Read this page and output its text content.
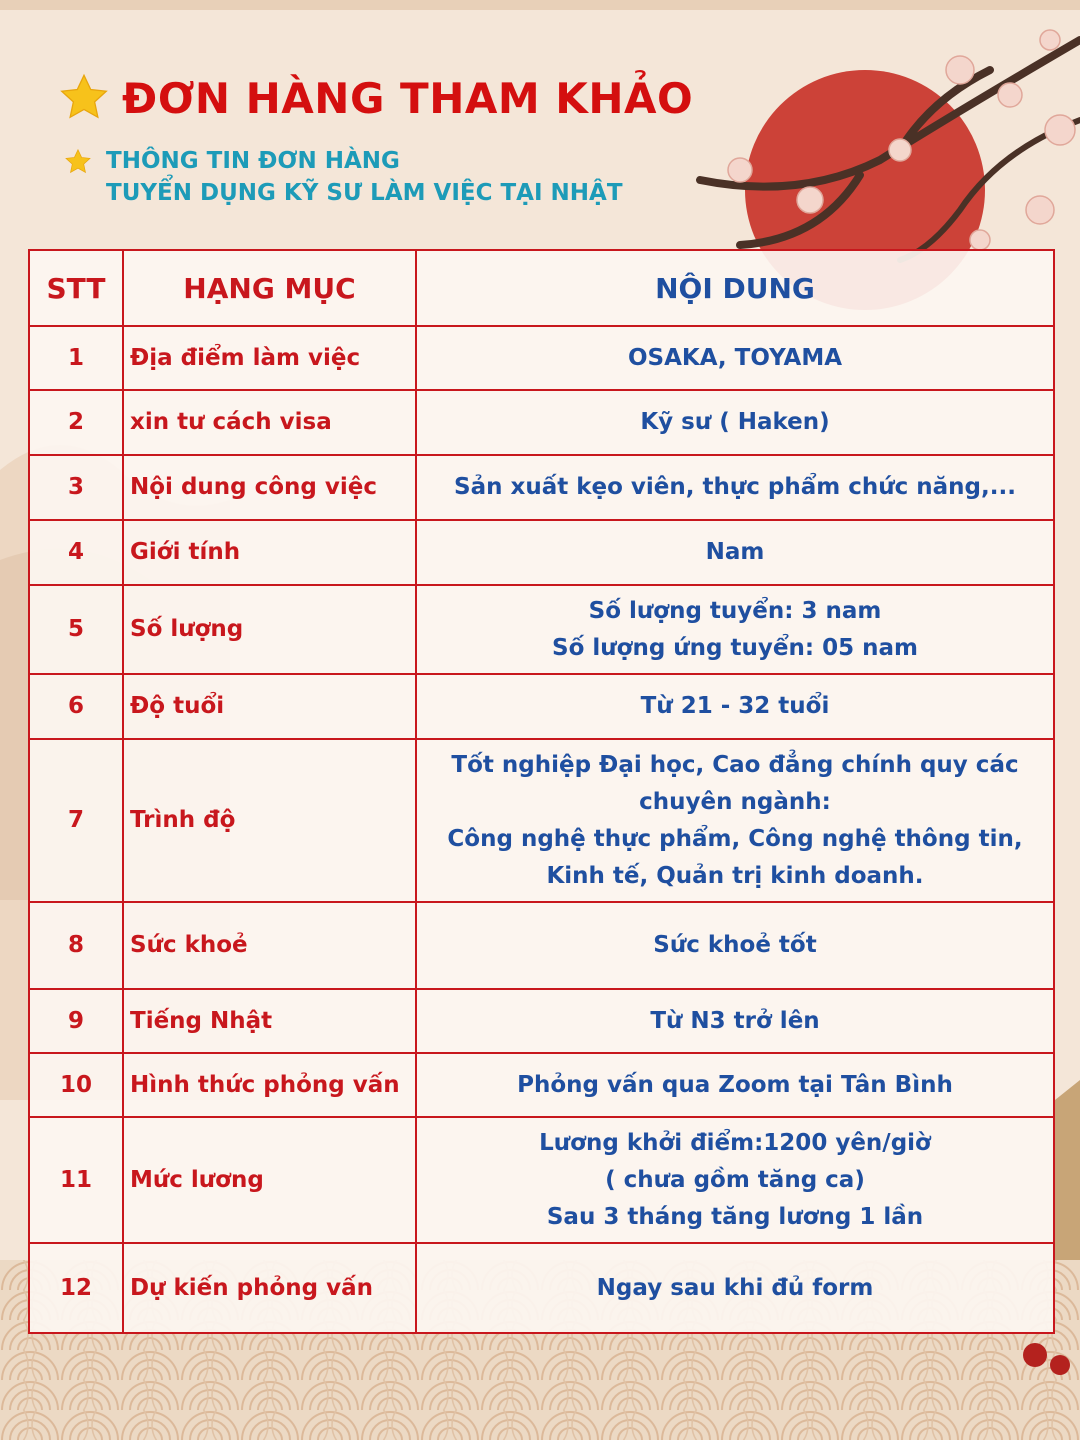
ĐƠN HÀNG THAM KHẢO
THÔNG TIN ĐƠN HÀNG
TUYỂN DỤNG KỸ SƯ LÀM VIỆC TẠI NHẬT
STT	HẠNG MỤC	NỘI DUNG
1	Địa điểm làm việc	OSAKA, TOYAMA

2	xin tư cách visa	Kỹ sư ( Haken)

3	Nội dung công việc	Sản xuất kẹo viên, thực phẩm chức năng,...

4	Giới tính	Nam

5	Số lượng	Số lượng tuyển: 3 nam
Số lượng ứng tuyển: 05 nam

6	Độ tuổi	Từ 21 - 32 tuổi

7	Trình độ	Tốt nghiệp Đại học, Cao đẳng chính quy các
chuyên ngành:
Công nghệ thực phẩm, Công nghệ thông tin,
Kinh tế, Quản trị kinh doanh.

8	Sức khoẻ	Sức khoẻ tốt

9	Tiếng Nhật	Từ N3 trở lên

10	Hình thức phỏng vấn	Phỏng vấn qua Zoom tại Tân Bình

11	Mức lương	Lương khởi điểm:1200 yên/giờ
( chưa gồm tăng ca)
Sau 3 tháng tăng lương 1 lần

12	Dự kiến phỏng vấn	Ngay sau khi đủ form
